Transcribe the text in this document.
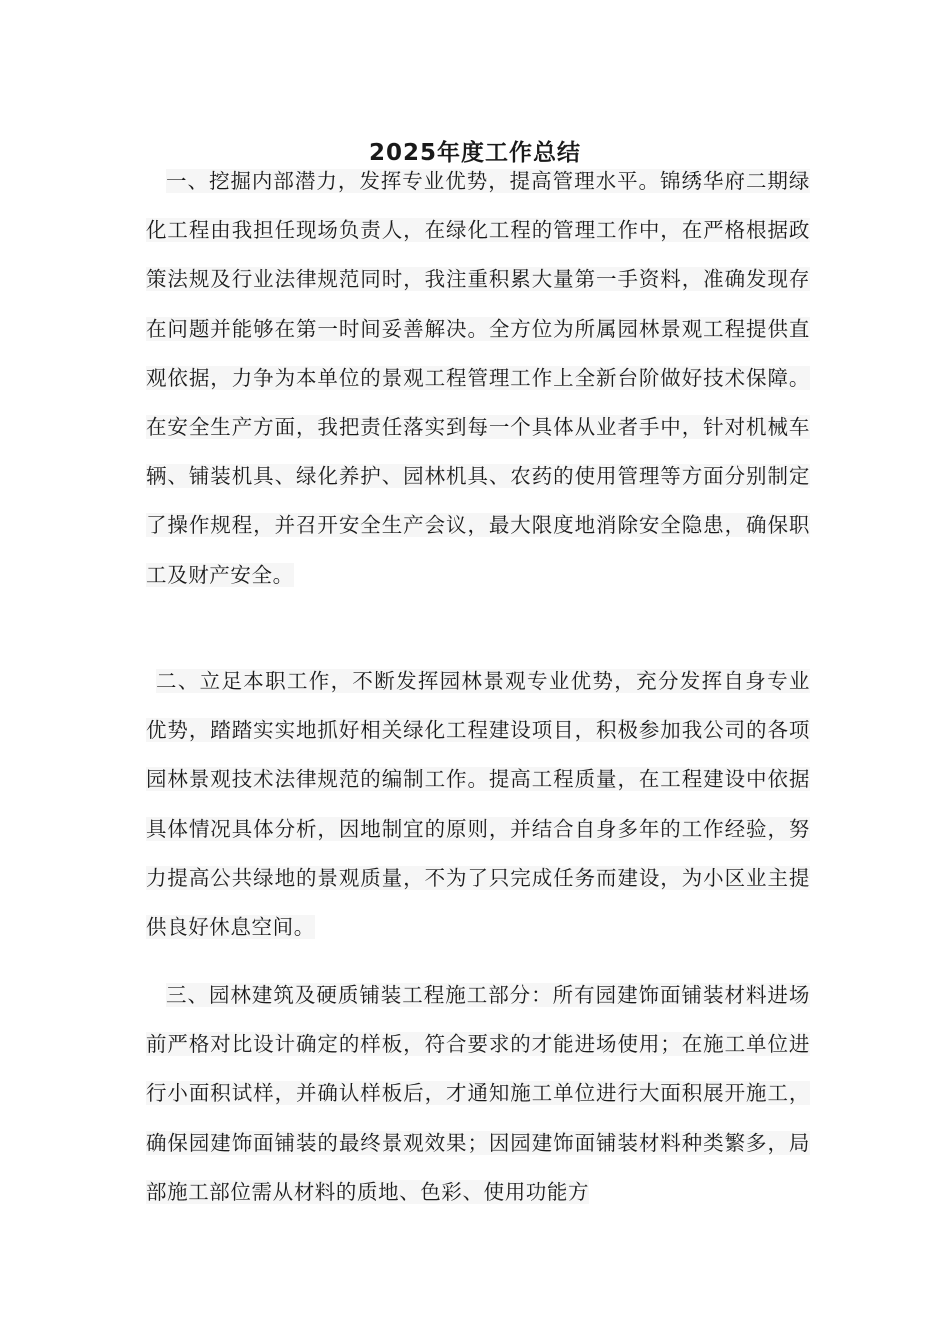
2025年度工作总结

一、挖掘内部潜力，发挥专业优势，提高管理水平。锦绣华府二期绿化工程由我担任现场负责人，在绿化工程的管理工作中，在严格根据政策法规及行业法律规范同时，我注重积累大量第一手资料，准确发现存在问题并能够在第一时间妥善解决。全方位为所属园林景观工程提供直观依据，力争为本单位的景观工程管理工作上全新台阶做好技术保障。在安全生产方面，我把责任落实到每一个具体从业者手中，针对机械车辆、铺装机具、绿化养护、园林机具、农药的使用管理等方面分别制定了操作规程，并召开安全生产会议，最大限度地消除安全隐患，确保职工及财产安全。

二、立足本职工作，不断发挥园林景观专业优势，充分发挥自身专业优势，踏踏实实地抓好相关绿化工程建设项目，积极参加我公司的各项园林景观技术法律规范的编制工作。提高工程质量，在工程建设中依据具体情况具体分析，因地制宜的原则，并结合自身多年的工作经验，努力提高公共绿地的景观质量，不为了只完成任务而建设，为小区业主提供良好休息空间。

三、园林建筑及硬质铺装工程施工部分：所有园建饰面铺装材料进场前严格对比设计确定的样板，符合要求的才能进场使用；在施工单位进行小面积试样，并确认样板后，才通知施工单位进行大面积展开施工，确保园建饰面铺装的最终景观效果；因园建饰面铺装材料种类繁多，局部施工部位需从材料的质地、色彩、使用功能方
